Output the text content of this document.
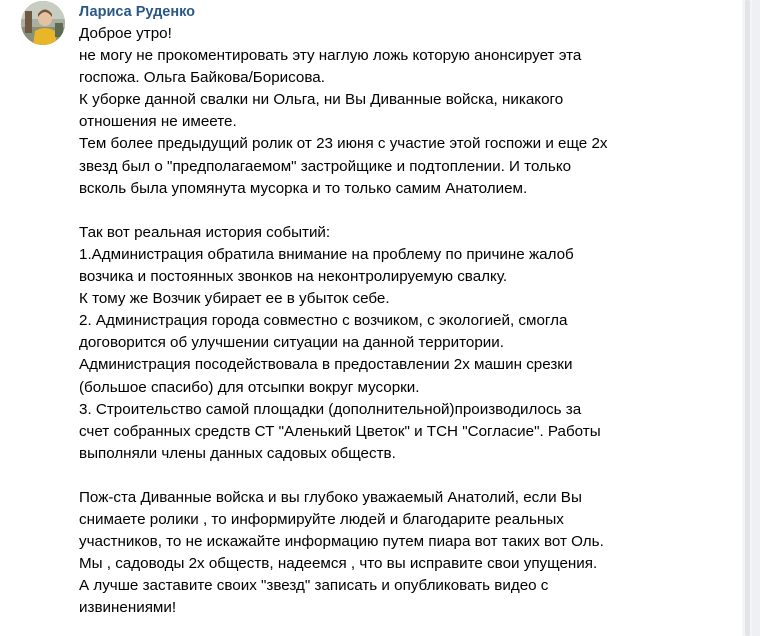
Лариса Руденко
Доброе утро!
не могу не прокоментировать эту наглую ложь которую анонсирует эта
госпожа. Ольга Байкова/Борисова.
К уборке данной свалки ни Ольга, ни Вы Диванные войска, никакого
отношения не имеете.
Тем более предыдущий ролик от 23 июня с участие этой госпожи и еще 2х
звезд был о "предполагаемом" застройщике и подтоплении. И только
всколь была упомянута мусорка и то только самим Анатолием.

Так вот реальная история событий:
1.Администрация обратила внимание на проблему по причине жалоб
возчика и постоянных звонков на неконтролируемую свалку.
К тому же Возчик убирает ее в убыток себе.
2. Администрация города совместно с возчиком, с экологией, смогла
договорится об улучшении ситуации на данной территории.
Администрация посодействовала в предоставлении 2х машин срезки
(большое спасибо) для отсыпки вокруг мусорки.
3. Строительство самой площадки (дополнительной)производилось за
счет собранных средств СТ "Аленький Цветок" и ТСН "Согласие". Работы
выполняли члены данных садовых обществ.

Пож-ста Диванные войска и вы глубоко уважаемый Анатолий, если Вы
снимаете ролики , то информируйте людей и благодарите реальных
участников, то не искажайте информацию путем пиара вот таких вот Оль.
Мы , садоводы 2х обществ, надеемся , что вы исправите свои упущения.
А лучше заставите своих "звезд" записать и опубликовать видео с
извинениями!
